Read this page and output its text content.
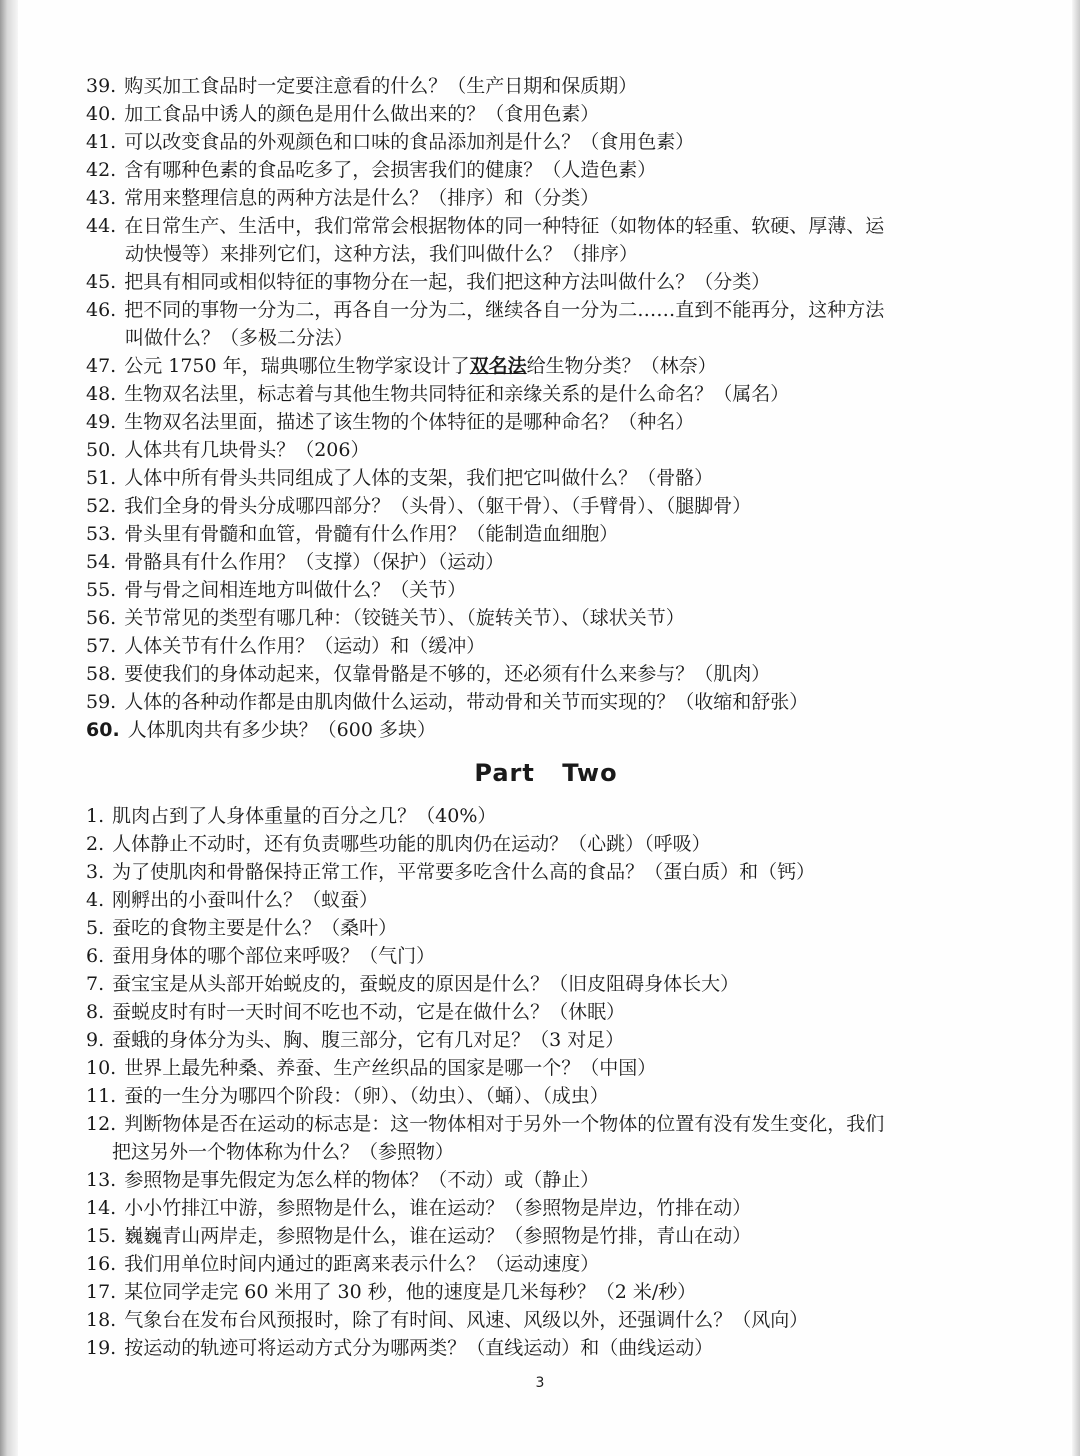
39. 购买加工食品时一定要注意看的什么？（生产日期和保质期）
40. 加工食品中诱人的颜色是用什么做出来的？（食用色素）
41. 可以改变食品的外观颜色和口味的食品添加剂是什么？（食用色素）
42. 含有哪种色素的食品吃多了，会损害我们的健康？（人造色素）
43. 常用来整理信息的两种方法是什么？（排序）和（分类）
44. 在日常生产、生活中，我们常常会根据物体的同一种特征（如物体的轻重、软硬、厚薄、运
动快慢等）来排列它们，这种方法，我们叫做什么？（排序）
45. 把具有相同或相似特征的事物分在一起，我们把这种方法叫做什么？（分类）
46. 把不同的事物一分为二，再各自一分为二，继续各自一分为二……直到不能再分，这种方法
叫做什么？（多极二分法）
47. 公元 1750 年，瑞典哪位生物学家设计了双名法给生物分类？（林奈）
48. 生物双名法里，标志着与其他生物共同特征和亲缘关系的是什么命名？（属名）
49. 生物双名法里面，描述了该生物的个体特征的是哪种命名？（种名）
50. 人体共有几块骨头？（206）
51. 人体中所有骨头共同组成了人体的支架，我们把它叫做什么？（骨骼）
52. 我们全身的骨头分成哪四部分？（头骨）、（躯干骨）、（手臂骨）、（腿脚骨）
53. 骨头里有骨髓和血管，骨髓有什么作用？（能制造血细胞）
54. 骨骼具有什么作用？（支撑）（保护）（运动）
55. 骨与骨之间相连地方叫做什么？（关节）
56. 关节常见的类型有哪几种：（铰链关节）、（旋转关节）、（球状关节）
57. 人体关节有什么作用？（运动）和（缓冲）
58. 要使我们的身体动起来，仅靠骨骼是不够的，还必须有什么来参与？（肌肉）
59. 人体的各种动作都是由肌肉做什么运动，带动骨和关节而实现的？（收缩和舒张）
60. 人体肌肉共有多少块？（600 多块）
Part Two
1. 肌肉占到了人身体重量的百分之几？（40%）
2. 人体静止不动时，还有负责哪些功能的肌肉仍在运动？（心跳）（呼吸）
3. 为了使肌肉和骨骼保持正常工作，平常要多吃含什么高的食品？（蛋白质）和（钙）
4. 刚孵出的小蚕叫什么？（蚁蚕）
5. 蚕吃的食物主要是什么？（桑叶）
6. 蚕用身体的哪个部位来呼吸？（气门）
7. 蚕宝宝是从头部开始蜕皮的，蚕蜕皮的原因是什么？（旧皮阻碍身体长大）
8. 蚕蜕皮时有时一天时间不吃也不动，它是在做什么？（休眠）
9. 蚕蛾的身体分为头、胸、腹三部分，它有几对足？（3 对足）
10. 世界上最先种桑、养蚕、生产丝织品的国家是哪一个？（中国）
11. 蚕的一生分为哪四个阶段：（卵）、（幼虫）、（蛹）、（成虫）
12. 判断物体是否在运动的标志是：这一物体相对于另外一个物体的位置有没有发生变化，我们
把这另外一个物体称为什么？（参照物）
13. 参照物是事先假定为怎么样的物体？（不动）或（静止）
14. 小小竹排江中游，参照物是什么，谁在运动？（参照物是岸边，竹排在动）
15. 巍巍青山两岸走，参照物是什么，谁在运动？（参照物是竹排，青山在动）
16. 我们用单位时间内通过的距离来表示什么？（运动速度）
17. 某位同学走完 60 米用了 30 秒，他的速度是几米每秒？（2 米/秒）
18. 气象台在发布台风预报时，除了有时间、风速、风级以外，还强调什么？（风向）
19. 按运动的轨迹可将运动方式分为哪两类？（直线运动）和（曲线运动）
3
